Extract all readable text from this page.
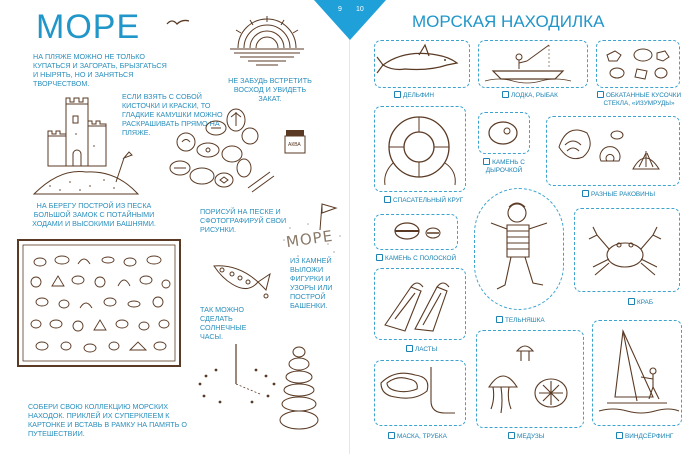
МОРЕ
НА ПЛЯЖЕ МОЖНО НЕ ТОЛЬКО КУПАТЬСЯ И ЗАГОРАТЬ, БРЫЗГАТЬСЯ И НЫРЯТЬ, НО И ЗАНЯТЬСЯ ТВОРЧЕСТВОМ.	НЕ ЗАБУДЬ ВСТРЕТИТЬ ВОСХОД И УВИДЕТЬ ЗАКАТ.
НА БЕРЕГУ ПОСТРОЙ ИЗ ПЕСКА БОЛЬШОЙ ЗАМОК С ПОТАЙНЫМИ ХОДАМИ И ВЫСОКИМИ БАШНЯМИ.
ЕСЛИ ВЗЯТЬ С СОБОЙ КИСТОЧКИ И КРАСКИ, ТО ГЛАДКИЕ КАМУШКИ МОЖНО РАСКРАШИВАТЬ ПРЯМО НА ПЛЯЖЕ.
АКВА
ПОРИСУЙ НА ПЕСКЕ И СФОТОГРАФИРУЙ СВОИ РИСУНКИ.	МОРЕ
ИЗ КАМНЕЙ ВЫЛОЖИ ФИГУРКИ И УЗОРЫ ИЛИ ПОСТРОЙ БАШЕНКИ.
ТАК МОЖНО СДЕЛАТЬ СОЛНЕЧНЫЕ ЧАСЫ.
СОБЕРИ СВОЮ КОЛЛЕКЦИЮ МОРСКИХ НАХОДОК. ПРИКЛЕЙ ИХ СУПЕРКЛЕЕМ К КАРТОНКЕ И ВСТАВЬ В РАМКУ НА ПАМЯТЬ О ПУТЕШЕСТВИИ.
9 10
МОРСКАЯ НАХОДИЛКА
ДЕЛЬФИН	ЛОДКА, РЫБАК	ОБКАТАННЫЕ КУСОЧКИ СТЕКЛА, «ИЗУМРУДЫ»
СПАСАТЕЛЬНЫЙ КРУГ
КАМЕНЬ С ДЫРОЧКОЙ
РАЗНЫЕ РАКОВИНЫ
КАМЕНЬ С ПОЛОСКОЙ
ТЕЛЬНЯШКА
КРАБ
ЛАСТЫ
МАСКА, ТРУБКА	МЕДУЗЫ	ВИНДСЁРФИНГ
